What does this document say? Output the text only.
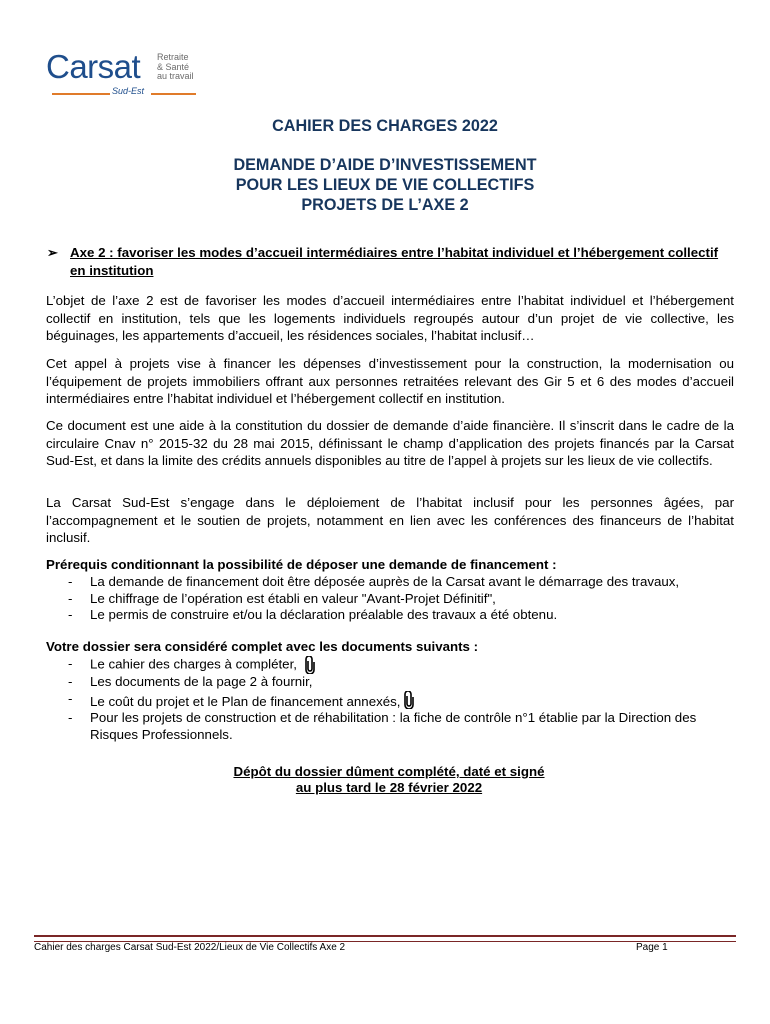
Carsat Retraite
& Santé
au travail
Sud-Est
CAHIER DES CHARGES 2022
DEMANDE D’AIDE D’INVESTISSEMENT
POUR LES LIEUX DE VIE COLLECTIFS
PROJETS DE L’AXE 2
➢ Axe 2 : favoriser les modes d’accueil intermédiaires entre l’habitat individuel et l’hébergement collectif en institution

L’objet de l’axe 2 est de favoriser les modes d’accueil intermédiaires entre l’habitat individuel et l’hébergement collectif en institution, tels que les logements individuels regroupés autour d’un projet de vie collective, les béguinages, les appartements d’accueil, les résidences sociales, l’habitat inclusif…

Cet appel à projets vise à financer les dépenses d’investissement pour la construction, la modernisation ou l’équipement de projets immobiliers offrant aux personnes retraitées relevant des Gir 5 et 6 des modes d’accueil intermédiaires entre l’habitat individuel et l’hébergement collectif en institution.

Ce document est une aide à la constitution du dossier de demande d’aide financière. Il s’inscrit dans le cadre de la circulaire Cnav n° 2015-32 du 28 mai 2015, définissant le champ d’application des projets financés par la Carsat Sud-Est, et dans la limite des crédits annuels disponibles au titre de l’appel à projets sur les lieux de vie collectifs.

La Carsat Sud-Est s’engage dans le déploiement de l’habitat inclusif pour les personnes âgées, par l’accompagnement et le soutien de projets, notamment en lien avec les conférences des financeurs de l’habitat inclusif.

Prérequis conditionnant la possibilité de déposer une demande de financement :
- La demande de financement doit être déposée auprès de la Carsat avant le démarrage des travaux,
- Le chiffrage de l’opération est établi en valeur "Avant-Projet Définitif",
- Le permis de construire et/ou la déclaration préalable des travaux a été obtenu.
Votre dossier sera considéré complet avec les documents suivants :
- Le cahier des charges à compléter,
- Les documents de la page 2 à fournir,
- Le coût du projet et le Plan de financement annexés,
- Pour les projets de construction et de réhabilitation : la fiche de contrôle n°1 établie par la Direction des Risques Professionnels.
Dépôt du dossier dûment complété, daté et signé
au plus tard le 28 février 2022
Cahier des charges Carsat Sud-Est 2022/Lieux de Vie Collectifs Axe 2	Page 1
